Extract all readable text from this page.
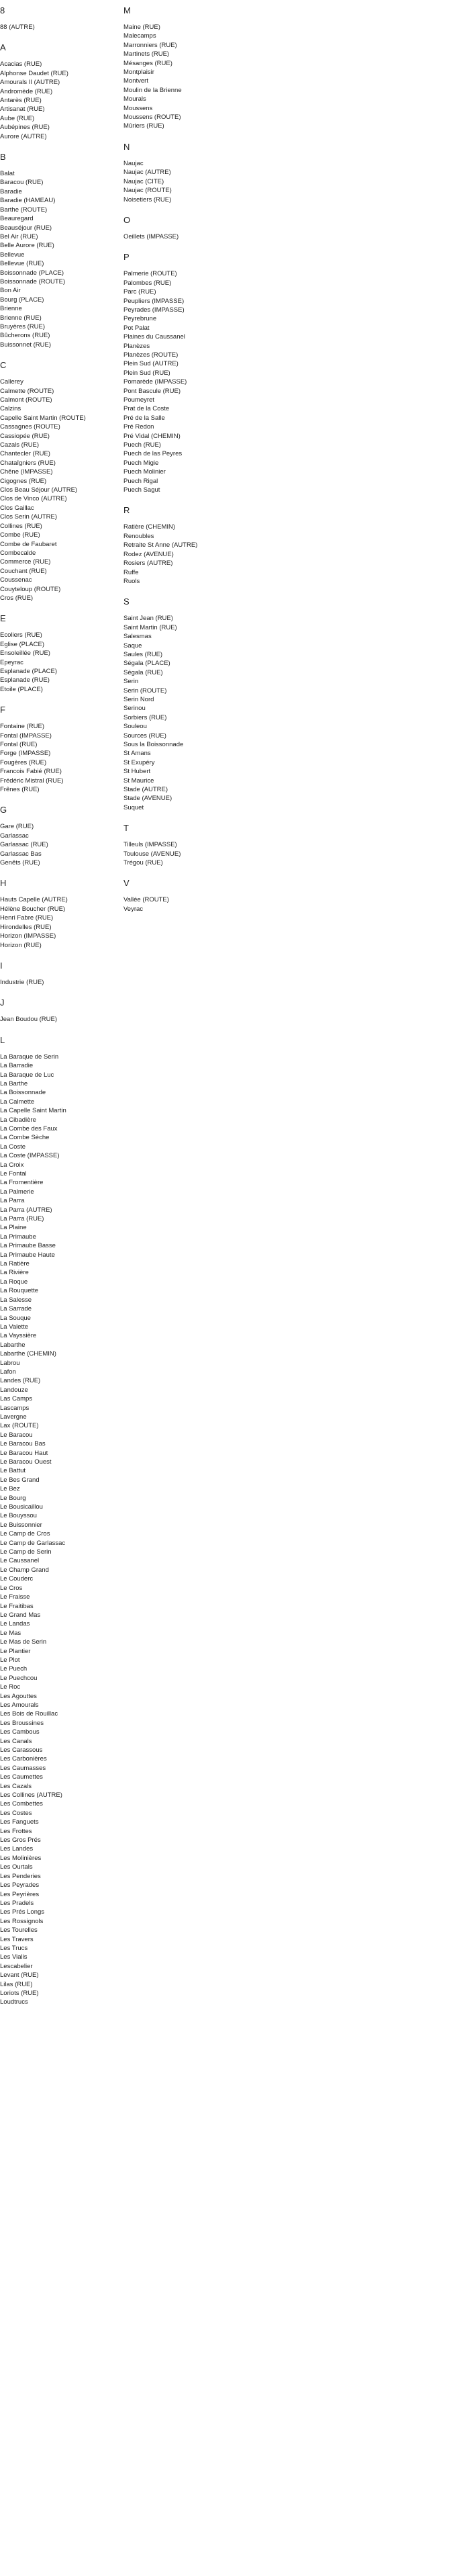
8
88 (AUTRE)
A
Acacias (RUE)
Alphonse Daudet (RUE)
Amourals II (AUTRE)
Andromède (RUE)
Antarès (RUE)
Artisanat (RUE)
Aube (RUE)
Aubépines (RUE)
Aurore (AUTRE)
B
Balat
Baracou (RUE)
Baradie
Baradie (HAMEAU)
Barthe (ROUTE)
Beauregard
Beauséjour (RUE)
Bel Air (RUE)
Belle Aurore (RUE)
Bellevue
Bellevue (RUE)
Boissonnade (PLACE)
Boissonnade (ROUTE)
Bon Air
Bourg (PLACE)
Brienne
Brienne (RUE)
Bruyères (RUE)
Bûcherons (RUE)
Buissonnet (RUE)
C
Callerey
Calmette (ROUTE)
Calmont (ROUTE)
Calzins
Capelle Saint Martin (ROUTE)
Cassagnes (ROUTE)
Cassiopée (RUE)
Cazals (RUE)
Chantecler (RUE)
Chataîgniers (RUE)
Chêne (IMPASSE)
Cigognes (RUE)
Clos Beau Séjour (AUTRE)
Clos de Vinco (AUTRE)
Clos Gaillac
Clos Serin (AUTRE)
Collines (RUE)
Combe (RUE)
Combe de Faubaret
Combecalde
Commerce (RUE)
Couchant (RUE)
Coussenac
Couyteloup (ROUTE)
Cros (RUE)
E
Ecoliers (RUE)
Eglise (PLACE)
Ensoleillée (RUE)
Epeyrac
Esplanade (PLACE)
Esplanade (RUE)
Etoile (PLACE)
F
Fontaine (RUE)
Fontal (IMPASSE)
Fontal (RUE)
Forge (IMPASSE)
Fougères (RUE)
Francois Fabié (RUE)
Frédéric Mistral (RUE)
Frênes (RUE)
G
Gare (RUE)
Garlassac
Garlassac (RUE)
Garlassac Bas
Genêts (RUE)
H
Hauts Capelle (AUTRE)
Hélène Boucher (RUE)
Henri Fabre (RUE)
Hirondelles (RUE)
Horizon (IMPASSE)
Horizon (RUE)
I
Industrie (RUE)
J
Jean Boudou (RUE)
L
La Baraque de Serin
La Barradie
La Baraque de Luc
La Barthe
La Boissonnade
La Calmette
La Capelle Saint Martin
La Cibadière
La Combe des Faux
La Combe Sèche
La Coste
La Coste (IMPASSE)
La Croix
Le Fontal
La Fromentière
La Palmerie
La Parra
La Parra (AUTRE)
La Parra (RUE)
La Plaine
La Primaube
La Primaube Basse
La Primaube Haute
La Ratière
La Rivière
La Roque
La Rouquette
La Salesse
La Sarrade
La Souque
La Valette
La Vayssière
Labarthe
Labarthe (CHEMIN)
Labrou
Lafon
Landes (RUE)
Landouze
Las Camps
Lascamps
Lavergne
Lax (ROUTE)
Le Baracou
Le Baracou Bas
Le Baracou Haut
Le Baracou Ouest
Le Battut
Le Bes Grand
Le Bez
Le Bourg
Le Bousicaillou
Le Bouyssou
Le Buissonnier
Le Camp de Cros
Le Camp de Garlassac
Le Camp de Serin
Le Caussanel
Le Champ Grand
Le Couderc
Le Cros
Le Fraisse
Le Fraitibas
Le Grand Mas
Le Landas
Le Mas
Le Mas de Serin
Le Plantier
Le Plot
Le Puech
Le Puechcou
Le Roc
Les Agouttes
Les Amourals
Les Bois de Rouillac
Les Broussines
Les Cambous
Les Canals
Les Carassous
Les Carbonières
Les Caumasses
Les Caumettes
Les Cazals
Les Collines (AUTRE)
Les Combettes
Les Costes
Les Fanguets
Les Frottes
Les Gros Prés
Les Landes
Les Molinières
Les Ourtals
Les Penderies
Les Peyrades
Les Peyrières
Les Pradels
Les Prés Longs
Les Rossignols
Les Tourelles
Les Travers
Les Trucs
Les Vialis
Lescabelier
Levant (RUE)
Lilas (RUE)
Loriots (RUE)
Loudtrucs
M
Maine (RUE)
Malecamps
Marronniers (RUE)
Martinets (RUE)
Mésanges (RUE)
Montplaisir
Montvert
Moulin de la Brienne
Mourals
Moussens
Moussens (ROUTE)
Mûriers (RUE)
N
Naujac
Naujac (AUTRE)
Naujac (CITE)
Naujac (ROUTE)
Noisetiers (RUE)
O
Oeillets (IMPASSE)
P
Palmerie (ROUTE)
Palombes (RUE)
Parc (RUE)
Peupliers (IMPASSE)
Peyrades (IMPASSE)
Peyrebrune
Pot Palat
Plaines du Caussanel
Planèzes
Planèzes (ROUTE)
Plein Sud (AUTRE)
Plein Sud (RUE)
Pomarède (IMPASSE)
Pont Bascule (RUE)
Poumeyret
Prat de la Coste
Pré de la Salle
Pré Redon
Pré Vidal (CHEMIN)
Puech (RUE)
Puech de las Peyres
Puech Migie
Puech Molinier
Puech Rigal
Puech Sagut
R
Ratière (CHEMIN)
Renoubles
Retraite St Anne (AUTRE)
Rodez (AVENUE)
Rosiers (AUTRE)
Ruffe
Ruols
S
Saint Jean (RUE)
Saint Martin (RUE)
Salesmas
Saque
Saules (RUE)
Ségala (PLACE)
Ségala (RUE)
Serin
Serin (ROUTE)
Serin Nord
Serinou
Sorbiers (RUE)
Souleou
Sources (RUE)
Sous la Boissonnade
St Amans
St Exupéry
St Hubert
St Maurice
Stade (AUTRE)
Stade (AVENUE)
Suquet
T
Tilleuls (IMPASSE)
Toulouse (AVENUE)
Trégou (RUE)
V
Vallée (ROUTE)
Veyrac
